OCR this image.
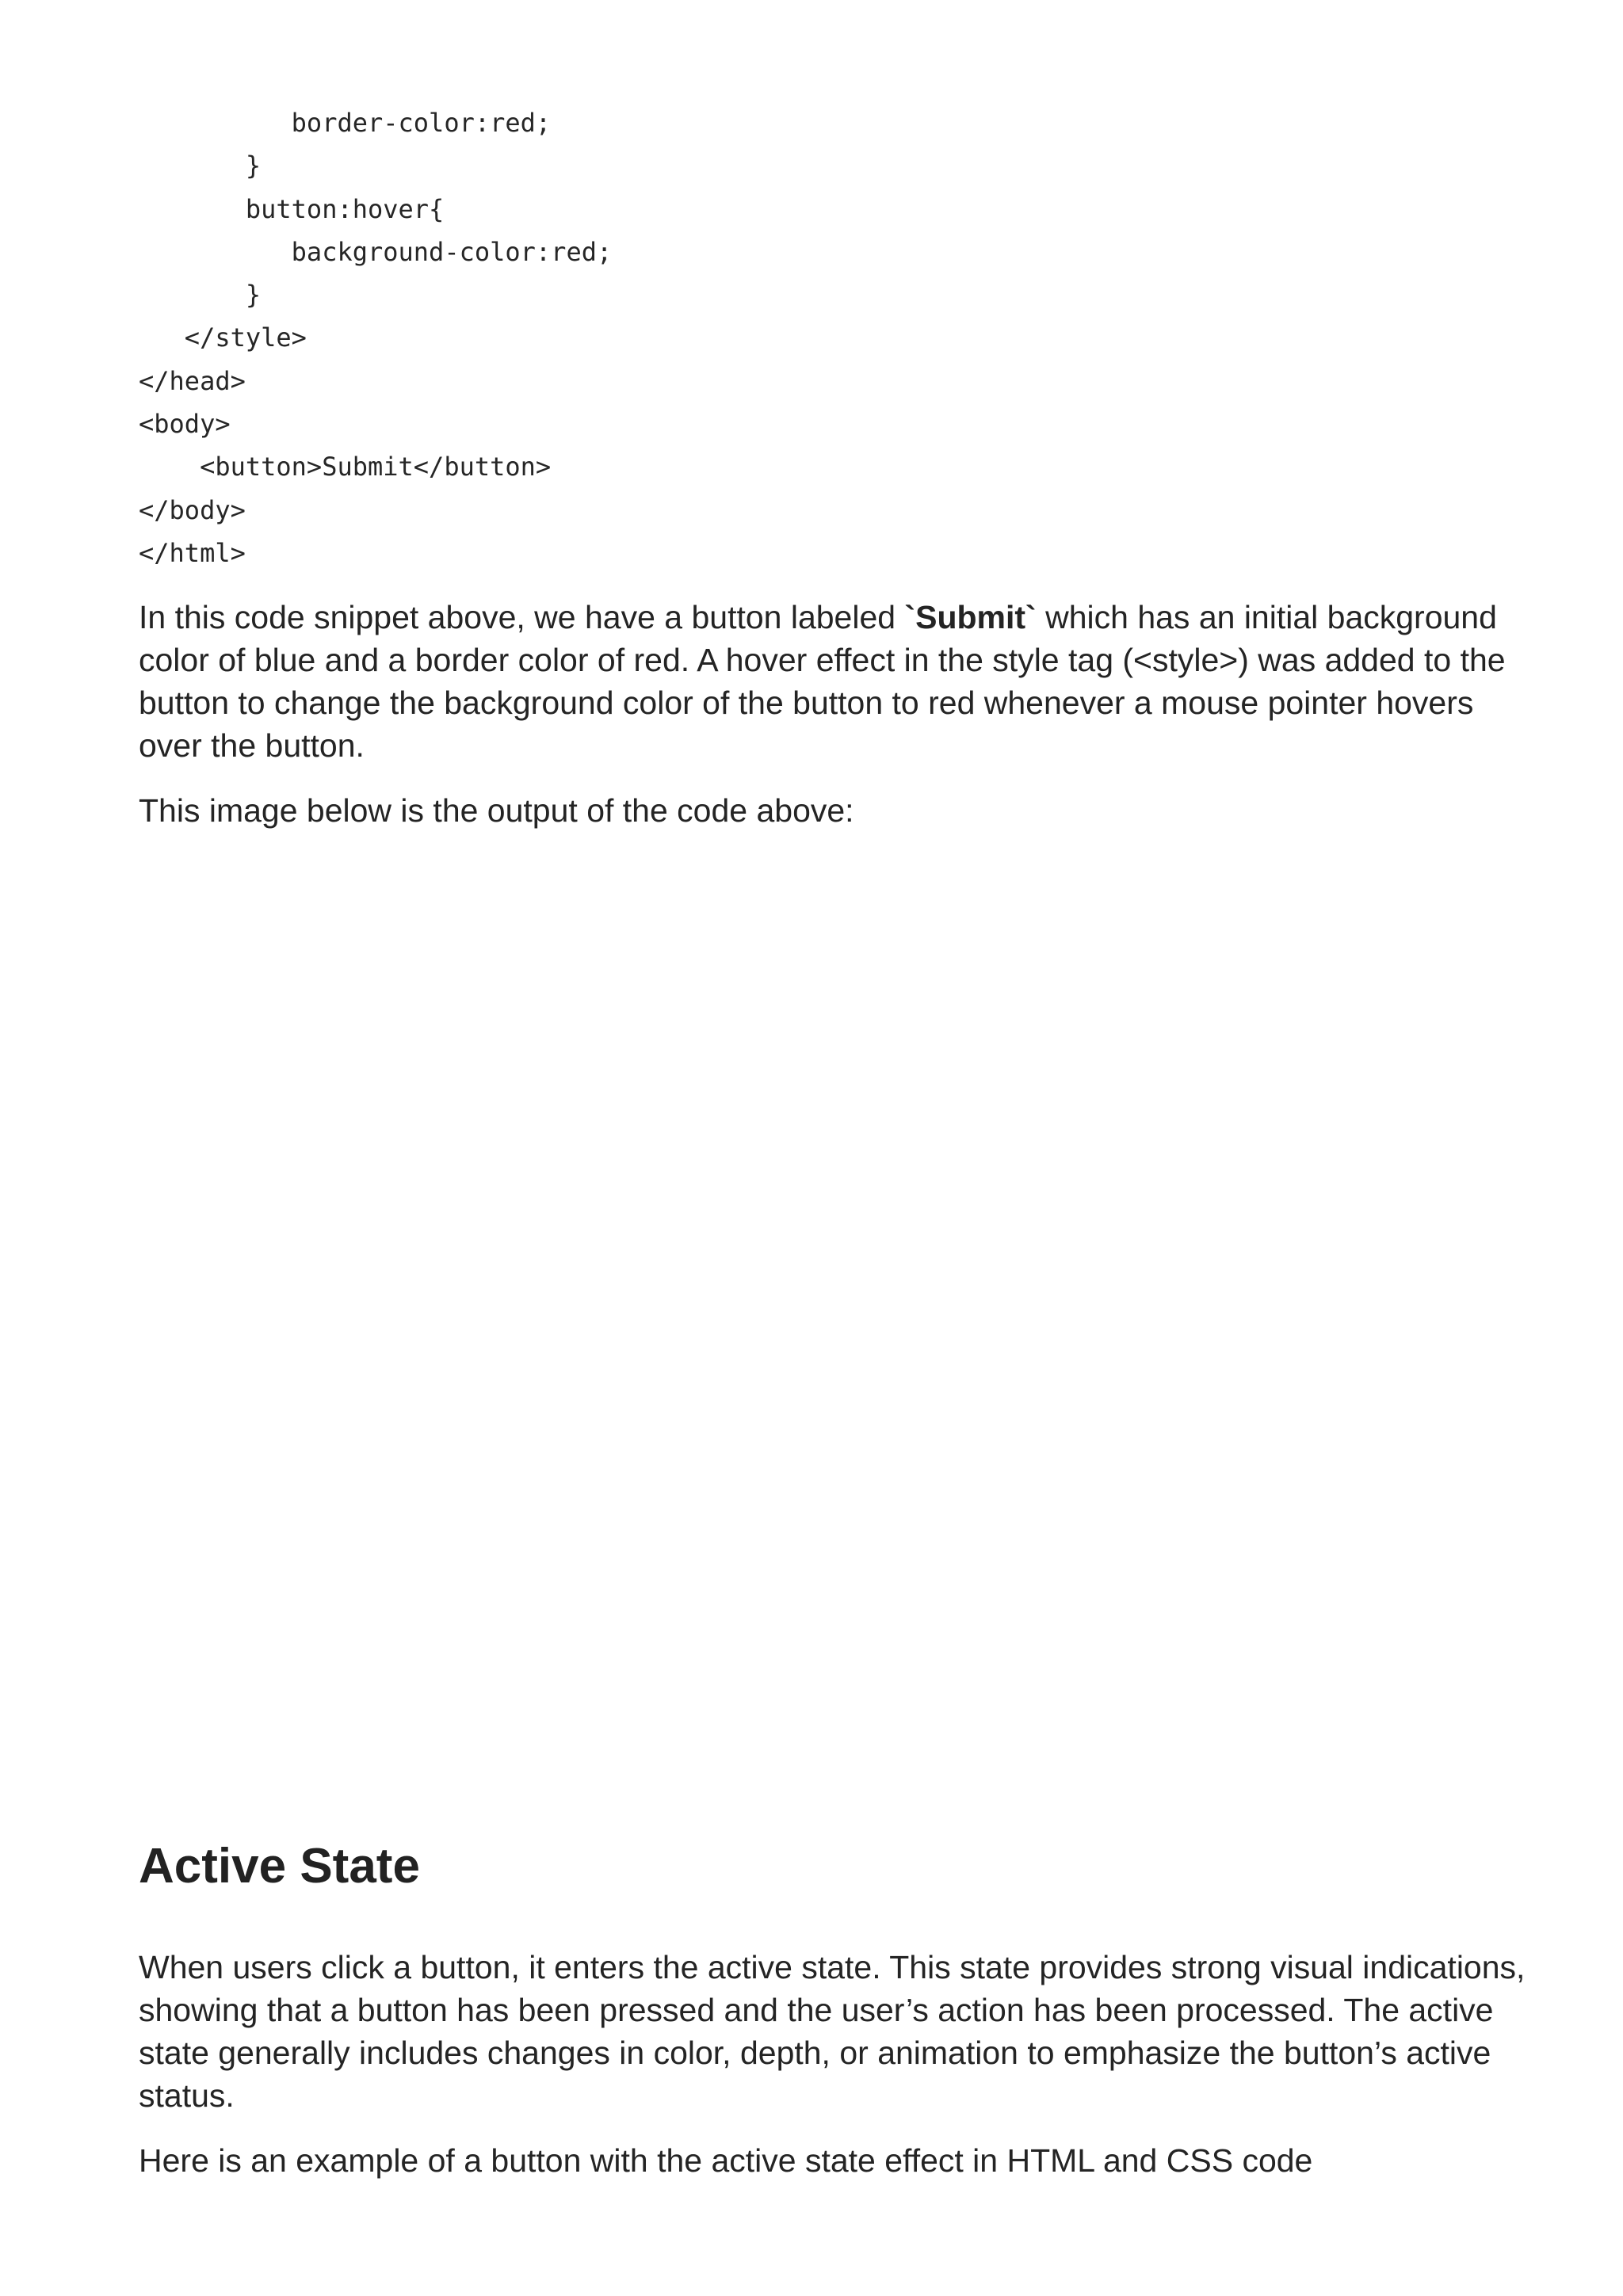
border-color:red;
}
button:hover{
background-color:red;
}
</style>
</head>
<body>
<button>Submit</button>
</body>
</html>

In this code snippet above, we have a button labeled `Submit` which has an initial background color of blue and a border color of red. A hover effect in the style tag (<style>) was added to the button to change the background color of the button to red whenever a mouse pointer hovers over the button.

This image below is the output of the code above:

Active State

When users click a button, it enters the active state. This state provides strong visual indications, showing that a button has been pressed and the user’s action has been processed. The active state generally includes changes in color, depth, or animation to emphasize the button’s active status.

Here is an example of a button with the active state effect in HTML and CSS code
